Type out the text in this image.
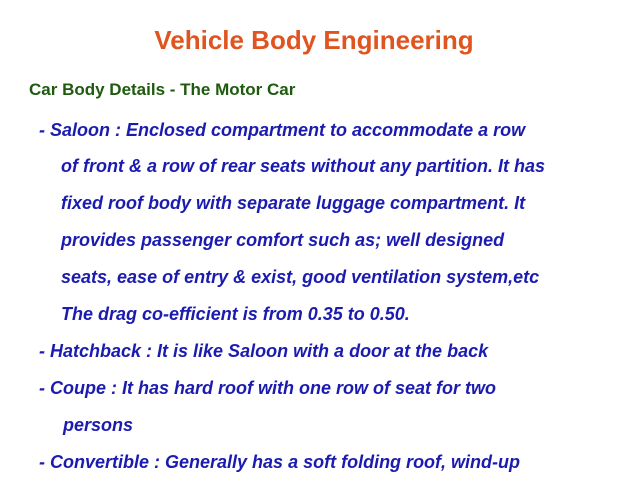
Vehicle Body Engineering
Car Body Details - The Motor Car
- Saloon : Enclosed compartment to accommodate a row
of front & a row of rear seats without any partition. It has
fixed roof body with separate luggage compartment. It
provides passenger comfort such as; well designed
seats, ease of entry & exist, good ventilation system,etc
The drag co-efficient is from 0.35 to 0.50.
- Hatchback : It is like Saloon with a door at the back
- Coupe : It has hard roof with one row of seat for two
persons
- Convertible : Generally has a soft folding roof, wind-up
